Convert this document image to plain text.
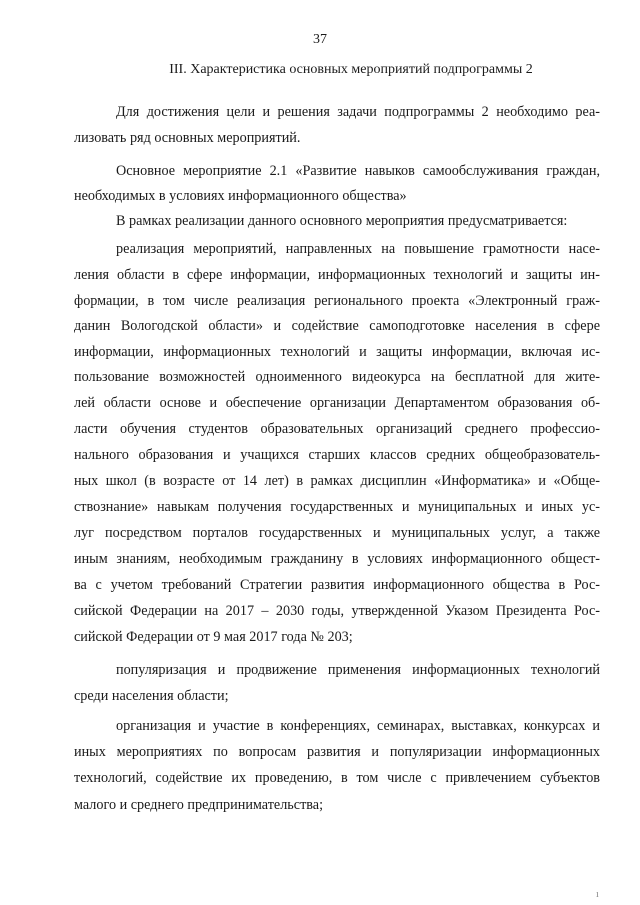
37
III. Характеристика основных мероприятий подпрограммы 2
Для достижения цели и решения задачи подпрограммы 2 необходимо реа-
лизовать ряд основных мероприятий.
Основное мероприятие 2.1 «Развитие навыков самообслуживания граждан,
необходимых в условиях информационного общества»
В рамках реализации данного основного мероприятия предусматривается:
реализация мероприятий, направленных на повышение грамотности насе-
ления области в сфере информации, информационных технологий и защиты ин-
формации, в том числе реализация регионального проекта «Электронный граж-
данин Вологодской области» и содействие самоподготовке населения в сфере
информации, информационных технологий и защиты информации, включая ис-
пользование возможностей одноименного видеокурса на бесплатной для жите-
лей области основе и обеспечение организации Департаментом образования об-
ласти обучения студентов образовательных организаций среднего профессио-
нального образования и учащихся старших классов средних общеобразователь-
ных школ (в возрасте от 14 лет) в рамках дисциплин «Информатика» и «Обще-
ствознание» навыкам получения государственных и муниципальных и иных ус-
луг посредством порталов государственных и муниципальных услуг, а также
иным знаниям, необходимым гражданину в условиях информационного общест-
ва с учетом требований Стратегии развития информационного общества в Рос-
сийской Федерации на 2017 – 2030 годы, утвержденной Указом Президента Рос-
сийской Федерации от 9 мая 2017 года № 203;
популяризация и продвижение применения информационных технологий
среди населения области;
организация и участие в конференциях, семинарах, выставках, конкурсах и
иных мероприятиях по вопросам развития и популяризации информационных
технологий, содействие их проведению, в том числе с привлечением субъектов
малого и среднего предпринимательства;
ı
